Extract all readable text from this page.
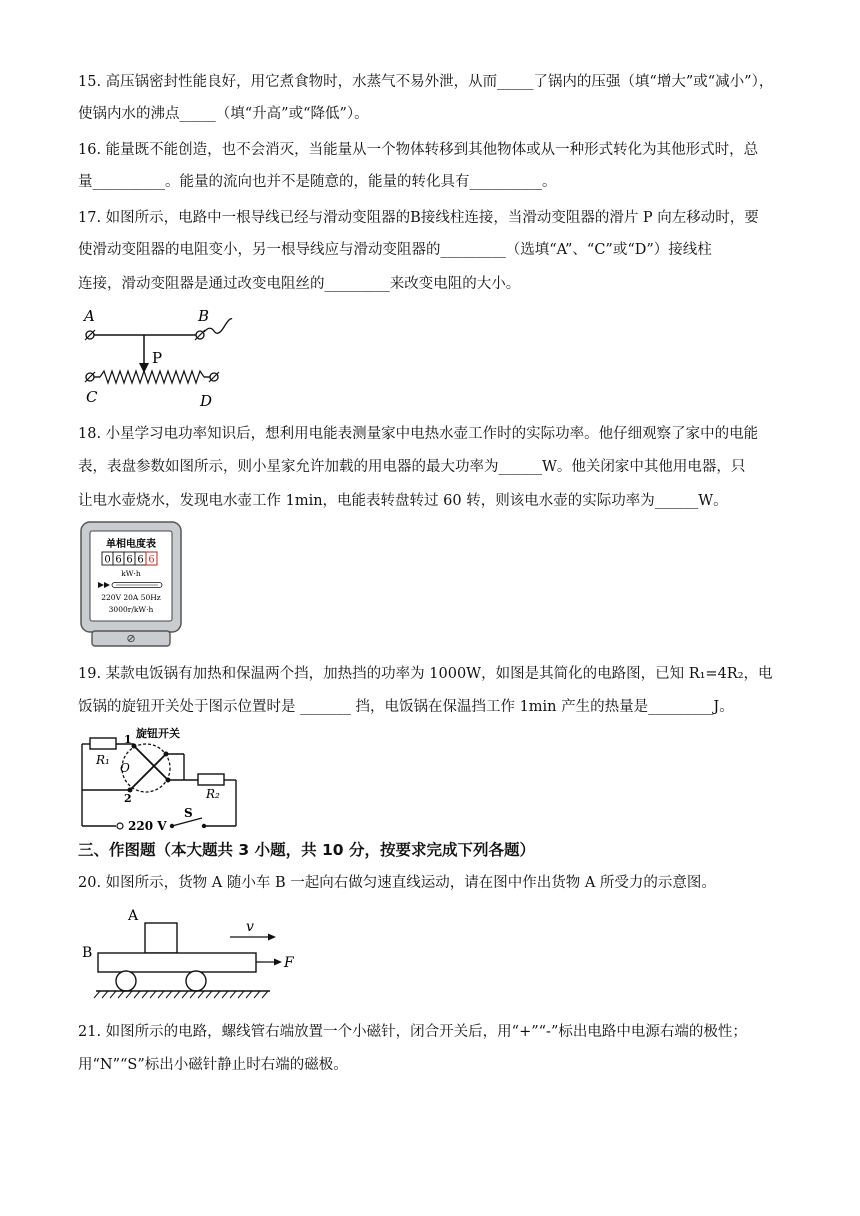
15. 高压锅密封性能良好，用它煮食物时，水蒸气不易外泄，从而_____了锅内的压强（填“增大”或“减小”），
使锅内水的沸点_____（填“升高”或“降低”）。
16. 能量既不能创造，也不会消灭，当能量从一个物体转移到其他物体或从一种形式转化为其他形式时，总
量__________。能量的流向也并不是随意的，能量的转化具有__________。
17. 如图所示，电路中一根导线已经与滑动变阻器的B接线柱连接，当滑动变阻器的滑片 P 向左移动时，要
使滑动变阻器的电阻变小，另一根导线应与滑动变阻器的_________（选填“A”、“C”或“D”）接线柱
连接，滑动变阻器是通过改变电阻丝的_________来改变电阻的大小。
A	B
P
C	D
18. 小星学习电功率知识后，想利用电能表测量家中电热水壶工作时的实际功率。他仔细观察了家中的电能
表，表盘参数如图所示，则小星家允许加载的用电器的最大功率为______W。他关闭家中其他用电器，只
让电水壶烧水，发现电水壶工作 1min，电能表转盘转过 60 转，则该电水壶的实际功率为______W。
单相电度表
0 6 6 6 6
kW·h
220V 20A 50Hz
3000r/kW·h
19. 某款电饭锅有加热和保温两个挡，加热挡的功率为 1000W，如图是其简化的电路图，已知 R₁=4R₂，电
饭锅的旋钮开关处于图示位置时是 _______ 挡，电饭锅在保温挡工作 1min 产生的热量是_________J。
旋钮开关
1
R₁
O
2	R₂
220 V
S
三、作图题（本大题共 3 小题，共 10 分，按要求完成下列各题）
20. 如图所示，货物 A 随小车 B 一起向右做匀速直线运动，请在图中作出货物 A 所受力的示意图。
A
B
v
F
21. 如图所示的电路，螺线管右端放置一个小磁针，闭合开关后，用“+”“-”标出电路中电源右端的极性；
用“N”“S”标出小磁针静止时右端的磁极。
